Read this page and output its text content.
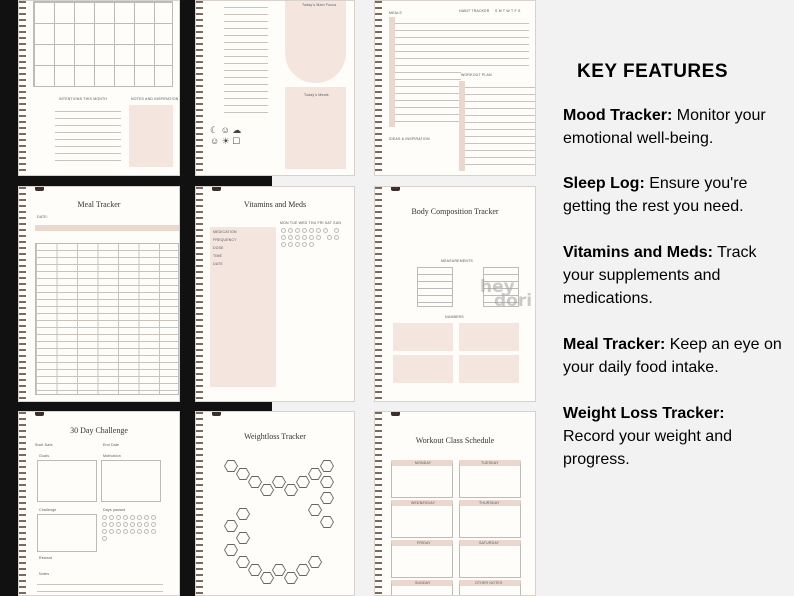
INTENTIONS THIS MONTH	NOTES AND INSPIRATION
Today's Main Focus
Today's Meals
☾ ☺ ☁
☺ ☀ ☐
MEALS
IDEAS & INSPIRATION
HABIT TRACKER S M T W T F S
WORKOUT PLAN
Meal Tracker
DATE:
Vitamins and Meds
MON TUE WED THU FRI SAT SUN
MEDICATION
FREQUENCY
DOSE
TIME
DATE

Body Composition Tracker
MEASUREMENTS
NUMBERS
30 Day Challenge
Start Date	End Date
Goals	Motivation
Challenge	Days passed
Reward
Notes
Weightloss Tracker	Workout Class Schedule
MONDAY	TUESDAY
WEDNESDAY	THURSDAY
FRIDAY	SATURDAY
SUNDAY	OTHER NOTES
hey
dori
KEY FEATURES
Mood Tracker: Monitor your emotional well-being.
Sleep Log: Ensure you're getting the rest you need.
Vitamins and Meds: Track your supplements and medications.
Meal Tracker: Keep an eye on your daily food intake.
Weight Loss Tracker:
Record your weight and progress.
